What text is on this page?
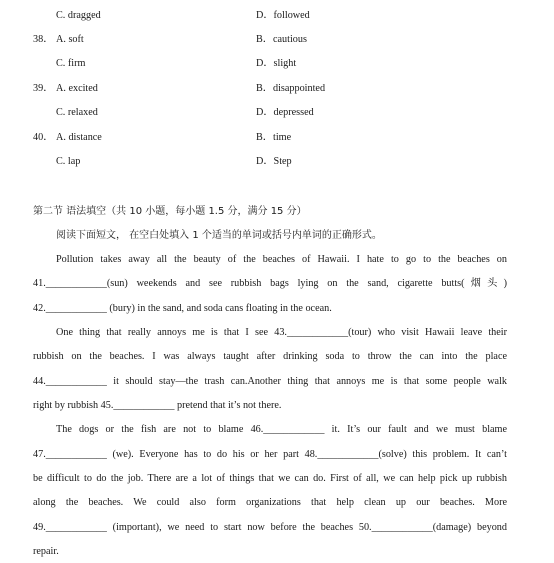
C. dragged	D．followed
38． A. soft	B．cautious
C. firm	D．slight
39． A. excited	B．disappointed
C. relaxed	D．depressed
40． A. distance	B．time
C. lap	D．Step
第二节 语法填空（共 10 小题，每小题 1.5 分，满分 15 分）
阅读下面短文， 在空白处填入 1 个适当的单词或括号内单词的正确形式。
Pollution takes away all the beauty of the beaches of Hawaii. I hate to go to the beaches on
41.____________(sun) weekends and see rubbish bags lying on the sand, cigarette butts(烟头)
42.____________ (bury) in the sand, and soda cans floating in the ocean.
One thing that really annoys me is that I see 43.____________(tour) who visit Hawaii leave their
rubbish on the beaches. I was always taught after drinking soda to throw the can into the place
44.____________ it should stay—the trash can.Another thing that annoys me is that some people walk
right by rubbish 45.____________ pretend that it’s not there.
The dogs or the fish are not to blame 46.____________ it. It’s our fault and we must blame
47.____________ (we). Everyone has to do his or her part 48.____________(solve) this problem. It can’t
be difficult to do the job. There are a lot of things that we can do. First of all, we can help pick up rubbish
along the beaches. We could also form organizations that help clean up our beaches. More
49.____________ (important), we need to start now before the beaches 50.____________(damage) beyond
repair.
